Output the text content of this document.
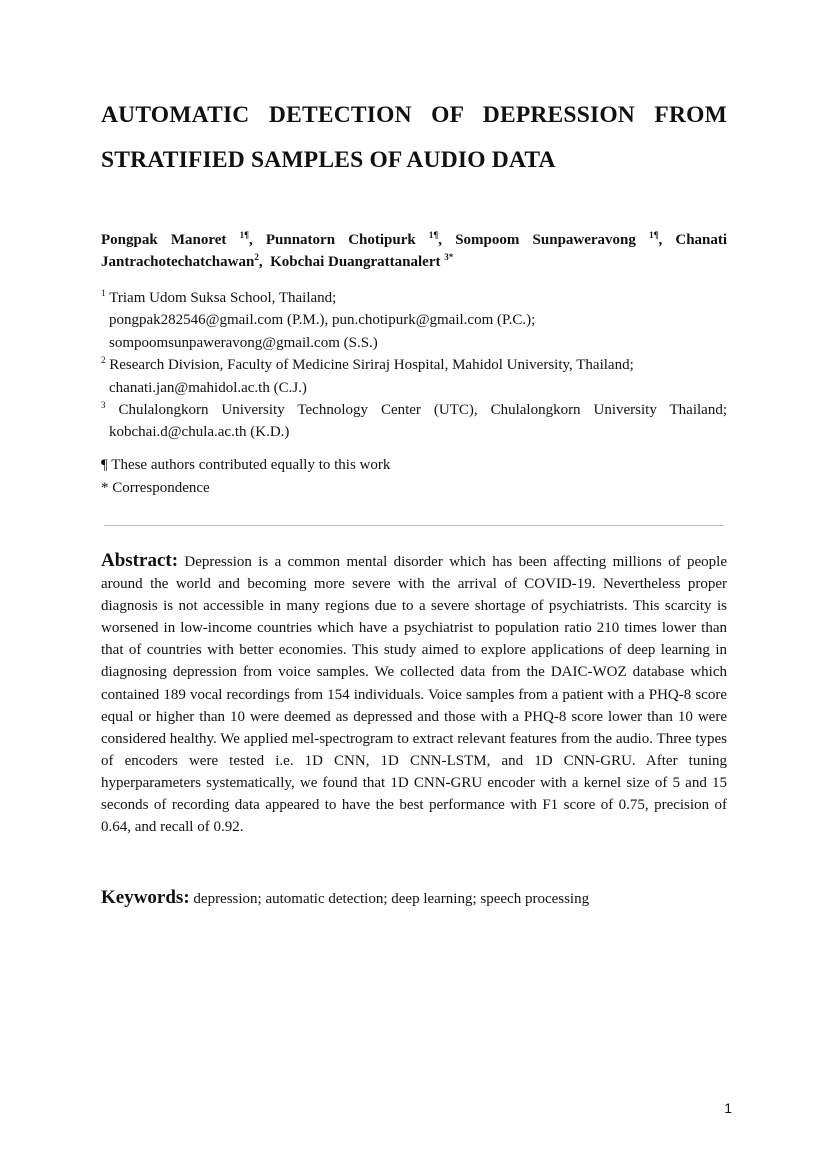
AUTOMATIC DETECTION OF DEPRESSION FROM
STRATIFIED SAMPLES OF AUDIO DATA
Pongpak Manoret $^{1\P}$, Punnatorn Chotipurk $^{1\P}$, Sompoom Sunpaweravong $^{1\P}$, Chanati
Jantrachotechatchawan$^2$,  Kobchai Duangrattanalert $^{3*}$
$^1$ Triam Udom Suksa School, Thailand;
pongpak282546@gmail.com (P.M.), pun.chotipurk@gmail.com (P.C.);
sompoomsunpaweravong@gmail.com (S.S.)
$^2$ Research Division, Faculty of Medicine Siriraj Hospital, Mahidol University, Thailand;
chanati.jan@mahidol.ac.th (C.J.)
$^3$ Chulalongkorn University Technology Center (UTC), Chulalongkorn University Thailand;
kobchai.d@chula.ac.th (K.D.)
¶ These authors contributed equally to this work
* Correspondence

Abstract: Depression is a common mental disorder which has been affecting millions of people around the world and becoming more severe with the arrival of COVID-19. Nevertheless proper diagnosis is not accessible in many regions due to a severe shortage of psychiatrists. This scarcity is worsened in low-income countries which have a psychiatrist to population ratio 210 times lower than that of countries with better economies. This study aimed to explore applications of deep learning in diagnosing depression from voice samples. We collected data from the DAIC-WOZ database which contained 189 vocal recordings from 154 individuals. Voice samples from a patient with a PHQ-8 score equal or higher than 10 were deemed as depressed and those with a PHQ-8 score lower than 10 were considered healthy. We applied mel-spectrogram to extract relevant features from the audio. Three types of encoders were tested i.e. 1D CNN, 1D CNN-LSTM, and 1D CNN-GRU. After tuning hyperparameters systematically, we found that 1D CNN-GRU encoder with a kernel size of 5 and 15 seconds of recording data appeared to have the best performance with F1 score of 0.75, precision of 0.64, and recall of 0.92.

Keywords: depression; automatic detection; deep learning; speech processing

1
